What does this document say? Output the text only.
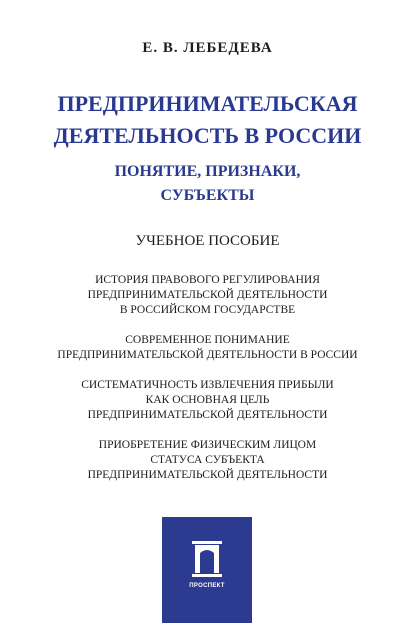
Е. В. ЛЕБЕДЕВА
ПРЕДПРИНИМАТЕЛЬСКАЯ
ДЕЯТЕЛЬНОСТЬ В РОССИИ
ПОНЯТИЕ, ПРИЗНАКИ,
СУБЪЕКТЫ
УЧЕБНОЕ ПОСОБИЕ
ИСТОРИЯ ПРАВОВОГО РЕГУЛИРОВАНИЯ
ПРЕДПРИНИМАТЕЛЬСКОЙ ДЕЯТЕЛЬНОСТИ
В РОССИЙСКОМ ГОСУДАРСТВЕ
СОВРЕМЕННОЕ ПОНИМАНИЕ
ПРЕДПРИНИМАТЕЛЬСКОЙ ДЕЯТЕЛЬНОСТИ В РОССИИ
СИСТЕМАТИЧНОСТЬ ИЗВЛЕЧЕНИЯ ПРИБЫЛИ
КАК ОСНОВНАЯ ЦЕЛЬ
ПРЕДПРИНИМАТЕЛЬСКОЙ ДЕЯТЕЛЬНОСТИ
ПРИОБРЕТЕНИЕ ФИЗИЧЕСКИМ ЛИЦОМ
СТАТУСА СУБЪЕКТА
ПРЕДПРИНИМАТЕЛЬСКОЙ ДЕЯТЕЛЬНОСТИ
ПРОСПЕКТ
